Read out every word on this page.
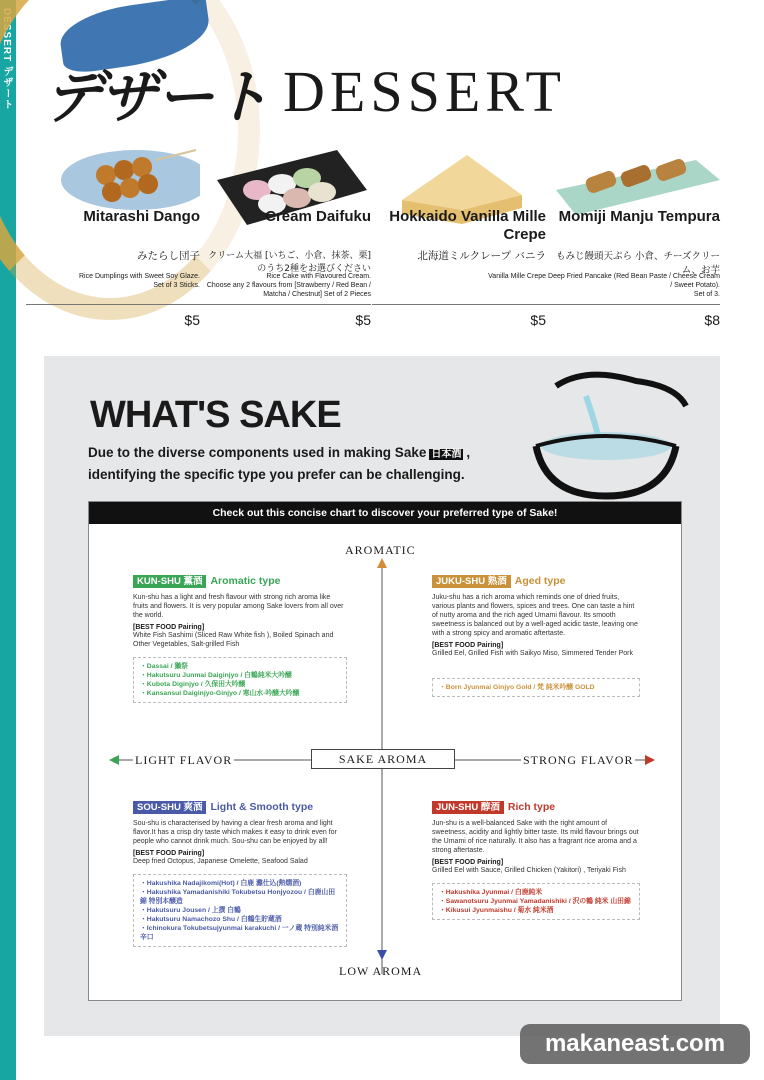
DESSERT デザート デザート DESSERT
Mitarashi Dango
みたらし団子
Rice Dumplings with Sweet Soy Glaze.
Set of 3 Sticks.
$5
Cream Daifuku
クリーム大福 [いちご、小倉、抹茶、栗] のうち2種をお選びください
Rice Cake with Flavoured Cream.
Choose any 2 flavours from [Strawberry / Red Bean / Matcha / Chestnut] Set of 2 Pieces
$5
Hokkaido Vanilla Mille Crepe
北海道ミルクレープ バニラ
Vanilla Mille Crepe
$5
Momiji Manju Tempura
もみじ饅頭天ぷら 小倉、チーズクリーム、お芋
Deep Fried Pancake (Red Bean Paste / Cheese Cream / Sweet Potato).
Set of 3.
$8
WHAT'S SAKE
Due to the diverse components used in making Sake 日本酒 , identifying the specific type you prefer can be challenging.
Check out this concise chart to discover your preferred type of Sake!
AROMATIC
LOW AROMA
LIGHT FLAVOR	STRONG FLAVOR
SAKE AROMA
KUN-SHU 薫酒 Aromatic type
Kun-shu has a light and fresh flavour with strong rich aroma like fruits and flowers. It is very popular among Sake lovers from all over the world.
[BEST FOOD Pairing]
White Fish Sashimi (Sliced Raw White fish ), Boiled Spinach and Other Vegetables, Salt-grilled Fish
・Dassai / 獺祭
・Hakutsuru Junmai Daiginjyo / 白鶴純米大吟醸
・Kubota Diginjyo / 久保田大吟醸
・Kansansui Daiginjyo-Ginjyo / 寒山水-吟醸大吟醸
JUKU-SHU 熟酒 Aged type
Juku-shu has a rich aroma which reminds one of dried fruits, various plants and flowers, spices and trees. One can taste a hint of nutty aroma and the rich aged Umami flavour. Its smooth sweetness is balanced out by a well-aged acidic taste, leaving one with a strong spicy and aromatic aftertaste.
[BEST FOOD Pairing]
Grilled Eel, Grilled Fish with Saikyo Miso, Simmered Tender Pork
・Born Jyunmai Ginjyo Gold / 梵 純米吟醸 GOLD
SOU-SHU 爽酒 Light & Smooth type
Sou-shu is characterised by having a clear fresh aroma and light flavor.It has a crisp dry taste which makes it easy to drink even for people who cannot drink much. Sou-shu can be enjoyed by all!
[BEST FOOD Pairing]
Deep fried Octopus, Japanese Omelette, Seafood Salad
・Hakushika Nadajikomi(Hot) / 白鹿 灘仕込(熱燗酒)
・Hakushika Yamadanishiki Tokubetsu Honjyozou / 白鹿山田錦 特別本醸造
・Hakutsuru Jousen / 上撰 白鶴
・Hakutsuru Namachozo Shu / 白鶴生貯蔵酒
・Ichinokura Tokubetsujyunmai karakuchi / 一ノ蔵 特別純米酒辛口
JUN-SHU 醇酒 Rich type
Jun-shu is a well-balanced Sake with the right amount of sweetness, acidity and lightly bitter taste. Its mild flavour brings out the Umami of rice naturally. It also has a fragrant rice aroma and a strong aftertaste.
[BEST FOOD Pairing]
Grilled Eel with Sauce, Grilled Chicken (Yakitori) , Teriyaki Fish
・Hakushika Jyunmai / 白鹿純米
・Sawanotsuru Jyunmai Yamadanishiki / 沢の鶴 純米 山田錦
・Kikusui Jyunmaishu / 菊水 純米酒
makaneast.com
